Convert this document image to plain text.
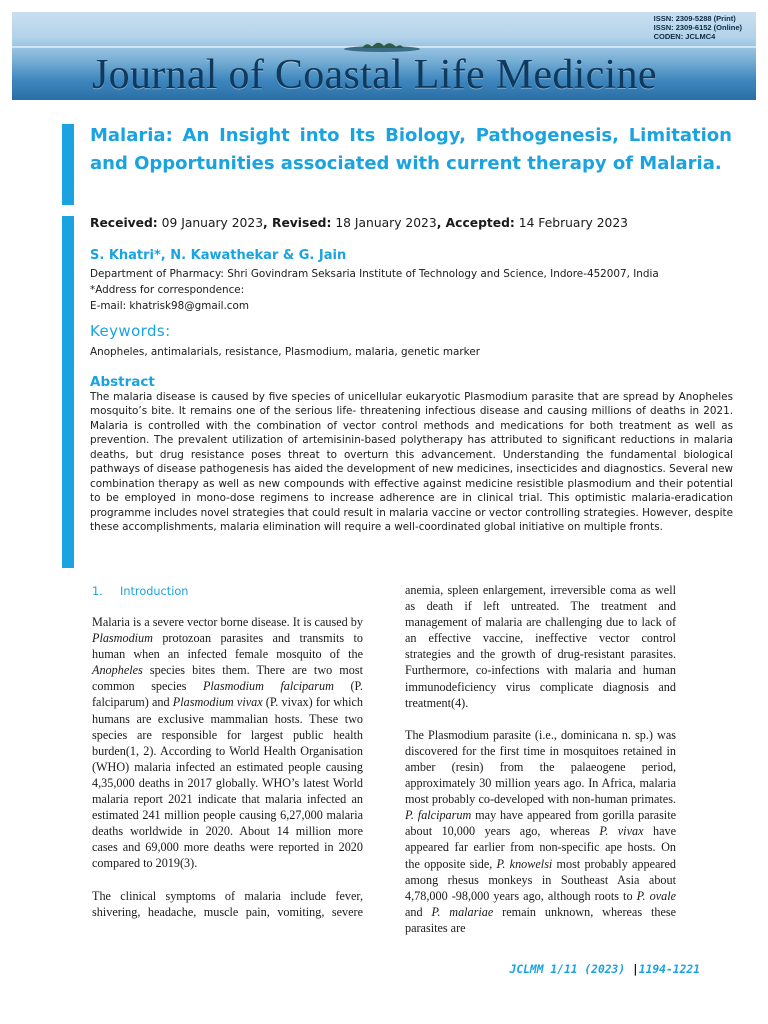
ISSN: 2309-5288 (Print)
ISSN: 2309-6152 (Online)
CODEN: JCLMC4
Journal of Coastal Life Medicine
Malaria: An Insight into Its Biology, Pathogenesis, Limitation and Opportunities associated with current therapy of Malaria.
Received: 09 January 2023, Revised: 18 January 2023, Accepted: 14 February 2023
S. Khatri*, N. Kawathekar & G. Jain
Department of Pharmacy: Shri Govindram Seksaria Institute of Technology and Science, Indore-452007, India
*Address for correspondence:
E-mail: khatrisk98@gmail.com
Keywords:
Anopheles, antimalarials, resistance, Plasmodium, malaria, genetic marker
Abstract

The malaria disease is caused by five species of unicellular eukaryotic Plasmodium parasite that are spread by Anopheles mosquito’s bite. It remains one of the serious life- threatening infectious disease and causing millions of deaths in 2021. Malaria is controlled with the combination of vector control methods and medications for both treatment as well as prevention. The prevalent utilization of artemisinin-based polytherapy has attributed to significant reductions in malaria deaths, but drug resistance poses threat to overturn this advancement. Understanding the fundamental biological pathways of disease pathogenesis has aided the development of new medicines, insecticides and diagnostics. Several new combination therapy as well as new compounds with effective against medicine resistible plasmodium and their potential to be employed in mono-dose regimens to increase adherence are in clinical trial. This optimistic malaria-eradication programme includes novel strategies that could result in malaria vaccine or vector controlling strategies. However, despite these accomplishments, malaria elimination will require a well-coordinated global initiative on multiple fronts.

1. Introduction

Malaria is a severe vector borne disease. It is caused by Plasmodium protozoan parasites and transmits to human when an infected female mosquito of the Anopheles species bites them. There are two most common species Plasmodium falciparum (P. falciparum) and Plasmodium vivax (P. vivax) for which humans are exclusive mammalian hosts. These two species are responsible for largest public health burden(1, 2). According to World Health Organisation (WHO) malaria infected an estimated people causing 4,35,000 deaths in 2017 globally. WHO’s latest World malaria report 2021 indicate that malaria infected an estimated 241 million people causing 6,27,000 malaria deaths worldwide in 2020. About 14 million more cases and 69,000 more deaths were reported in 2020 compared to 2019(3).

The clinical symptoms of malaria include fever, shivering, headache, muscle pain, vomiting, severe

anemia, spleen enlargement, irreversible coma as well as death if left untreated. The treatment and management of malaria are challenging due to lack of an effective vaccine, ineffective vector control strategies and the growth of drug-resistant parasites. Furthermore, co-infections with malaria and human immunodeficiency virus complicate diagnosis and treatment(4).

The Plasmodium parasite (i.e., dominicana n. sp.) was discovered for the first time in mosquitoes retained in amber (resin) from the palaeogene period, approximately 30 million years ago. In Africa, malaria most probably co-developed with non-human primates. P. falciparum may have appeared from gorilla parasite about 10,000 years ago, whereas P. vivax have appeared far earlier from non-specific ape hosts. On the opposite side, P. knowelsi most probably appeared among rhesus monkeys in Southeast Asia about 4,78,000 -98,000 years ago, although roots to P. ovale and P. malariae remain unknown, whereas these parasites are

JCLMM 1/11 (2023) |1194-1221
